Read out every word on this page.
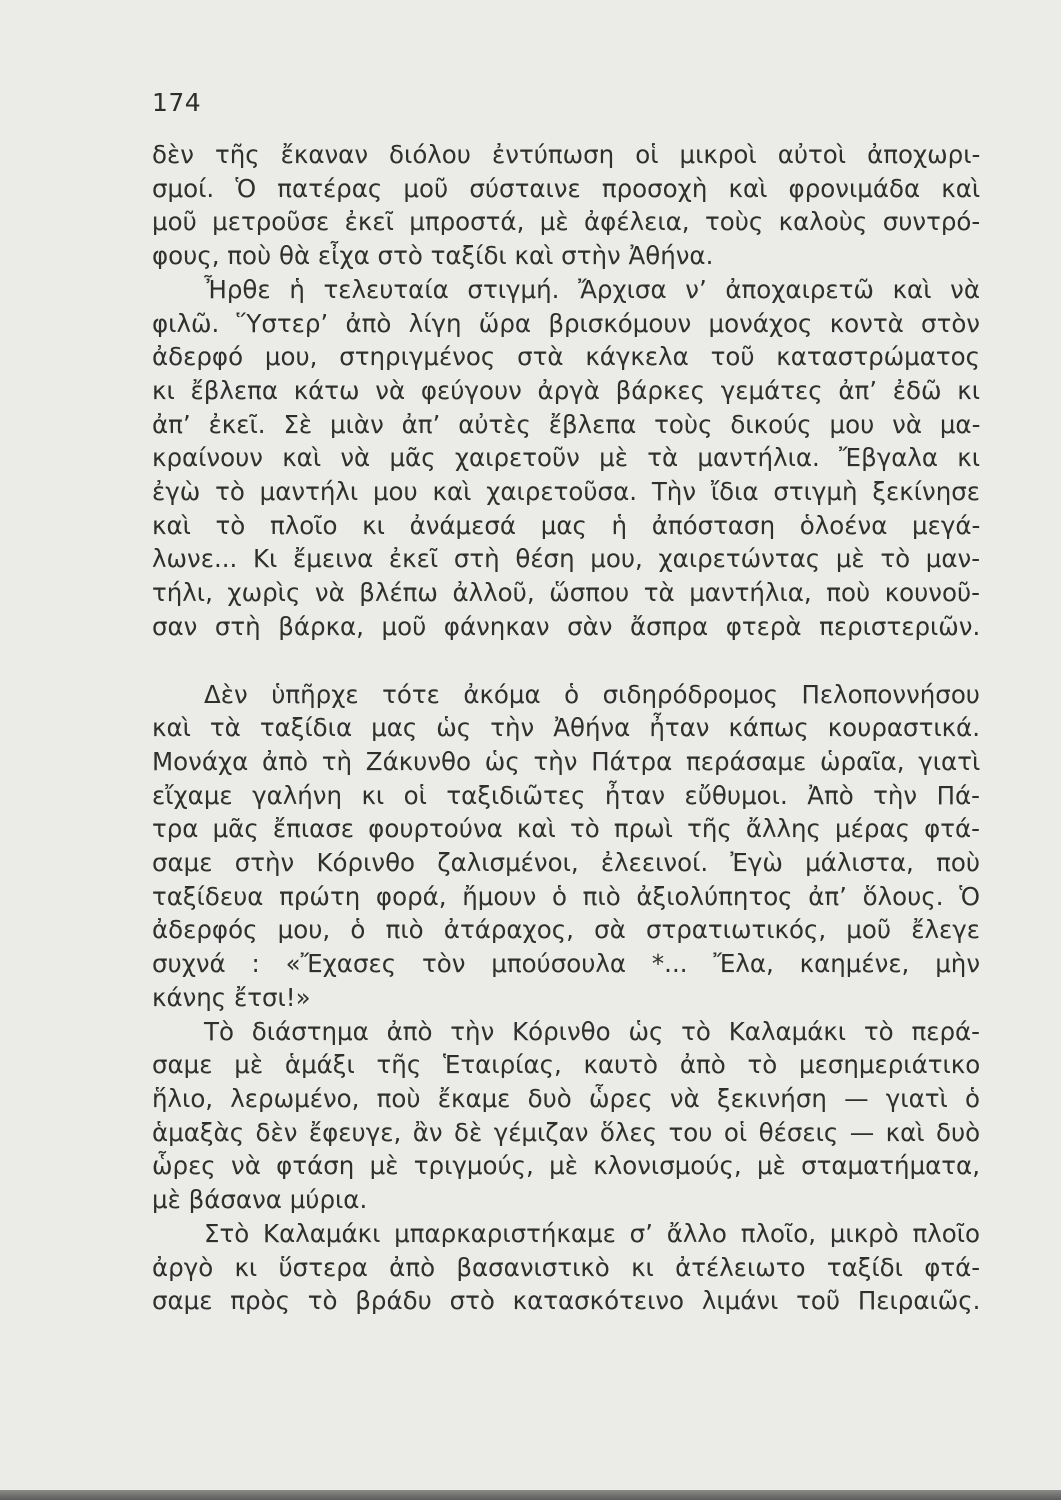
174
δὲν τῆς ἔκαναν διόλου ἐντύπωση οἱ μικροὶ αὐτοὶ ἀποχωρι-
σμοί. Ὁ πατέρας μοῦ σύσταινε προσοχὴ καὶ φρονιμάδα καὶ
μοῦ μετροῦσε ἐκεῖ μπροστά, μὲ ἀφέλεια, τοὺς καλοὺς συντρό-
φους, ποὺ θὰ εἶχα στὸ ταξίδι καὶ στὴν Ἀθήνα.
Ἦρθε ἡ τελευταία στιγμή. Ἄρχισα ν’ ἀποχαιρετῶ καὶ νὰ
φιλῶ. Ὕστερ’ ἀπὸ λίγη ὥρα βρισκόμουν μονάχος κοντὰ στὸν
ἀδερφό μου, στηριγμένος στὰ κάγκελα τοῦ καταστρώματος
κι ἔβλεπα κάτω νὰ φεύγουν ἀργὰ βάρκες γεμάτες ἀπ’ ἐδῶ κι
ἀπ’ ἐκεῖ. Σὲ μιὰν ἀπ’ αὐτὲς ἔβλεπα τοὺς δικούς μου νὰ μα-
κραίνουν καὶ νὰ μᾶς χαιρετοῦν μὲ τὰ μαντήλια. Ἔβγαλα κι
ἐγὼ τὸ μαντήλι μου καὶ χαιρετοῦσα. Τὴν ἴδια στιγμὴ ξεκίνησε
καὶ τὸ πλοῖο κι ἀνάμεσά μας ἡ ἀπόσταση ὁλοένα μεγά-
λωνε... Κι ἔμεινα ἐκεῖ στὴ θέση μου, χαιρετώντας μὲ τὸ μαν-
τήλι, χωρὶς νὰ βλέπω ἀλλοῦ, ὥσπου τὰ μαντήλια, ποὺ κουνοῦ-
σαν στὴ βάρκα, μοῦ φάνηκαν σὰν ἄσπρα φτερὰ περιστεριῶν.
Δὲν ὑπῆρχε τότε ἀκόμα ὁ σιδηρόδρομος Πελοποννήσου
καὶ τὰ ταξίδια μας ὡς τὴν Ἀθήνα ἦταν κάπως κουραστικά.
Μονάχα ἀπὸ τὴ Ζάκυνθο ὡς τὴν Πάτρα περάσαμε ὡραῖα, γιατὶ
εἴχαμε γαλήνη κι οἱ ταξιδιῶτες ἦταν εὔθυμοι. Ἀπὸ τὴν Πά-
τρα μᾶς ἔπιασε φουρτούνα καὶ τὸ πρωὶ τῆς ἄλλης μέρας φτά-
σαμε στὴν Κόρινθο ζαλισμένοι, ἐλεεινοί. Ἐγὼ μάλιστα, ποὺ
ταξίδευα πρώτη φορά, ἤμουν ὁ πιὸ ἀξιολύπητος ἀπ’ ὅλους. Ὁ
ἀδερφός μου, ὁ πιὸ ἀτάραχος, σὰ στρατιωτικός, μοῦ ἔλεγε
συχνά : «Ἔχασες τὸν μπούσουλα *... Ἔλα, καημένε, μὴν
κάνης ἔτσι!»
Τὸ διάστημα ἀπὸ τὴν Κόρινθο ὡς τὸ Καλαμάκι τὸ περά-
σαμε μὲ ἁμάξι τῆς Ἑταιρίας, καυτὸ ἀπὸ τὸ μεσημεριάτικο
ἥλιο, λερωμένο, ποὺ ἔκαμε δυὸ ὧρες νὰ ξεκινήση — γιατὶ ὁ
ἁμαξὰς δὲν ἔφευγε, ἂν δὲ γέμιζαν ὅλες του οἱ θέσεις — καὶ δυὸ
ὧρες νὰ φτάση μὲ τριγμούς, μὲ κλονισμούς, μὲ σταματήματα,
μὲ βάσανα μύρια.
Στὸ Καλαμάκι μπαρκαριστήκαμε σ’ ἄλλο πλοῖο, μικρὸ πλοῖο
ἀργὸ κι ὕστερα ἀπὸ βασανιστικὸ κι ἀτέλειωτο ταξίδι φτά-
σαμε πρὸς τὸ βράδυ στὸ κατασκότεινο λιμάνι τοῦ Πειραιῶς.
